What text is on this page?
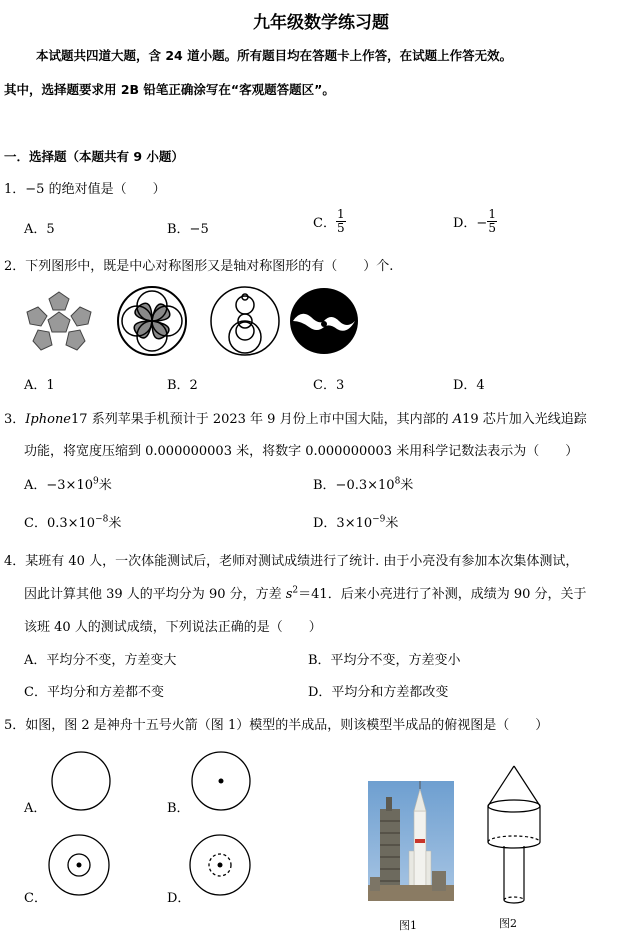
九年级数学练习题
本试题共四道大题，含 24 道小题。所有题目均在答题卡上作答，在试题上作答无效。
其中，选择题要求用 2B 铅笔正确涂写在“客观题答题区”。
一．选择题（本题共有 9 小题）
1．−5 的绝对值是（　　）
A．5	B．−5	C． $\frac{1}{5}$	D．− $\frac{1}{5}$
2．下列图形中，既是中心对称图形又是轴对称图形的有（　　）个.
A．1	B．2	C．3	D．4
3．Iphone17 系列苹果手机预计于 2023 年 9 月份上市中国大陆，其内部的 A19 芯片加入光线追踪
功能，将宽度压缩到 0.000000003 米，将数字 0.000000003 米用科学记数法表示为（　　）
A．$-3\times 10^9$米	B．$-0.3\times 10^8$米
C．$0.3\times 10^{-8}$米	D．$3\times 10^{-9}$米
4．某班有 40 人，一次体能测试后，老师对测试成绩进行了统计. 由于小亮没有参加本次集体测试，
因此计算其他 39 人的平均分为 90 分，方差 $s^2=41$．后来小亮进行了补测，成绩为 90 分，关于
该班 40 人的测试成绩，下列说法正确的是（　　）
A．平均分不变，方差变大	B．平均分不变，方差变小
C．平均分和方差都不变	D．平均分和方差都改变
5．如图，图 2 是神舟十五号火箭（图 1）模型的半成品，则该模型半成品的俯视图是（　　）
A．	B．
C．	D．
图1	图2
